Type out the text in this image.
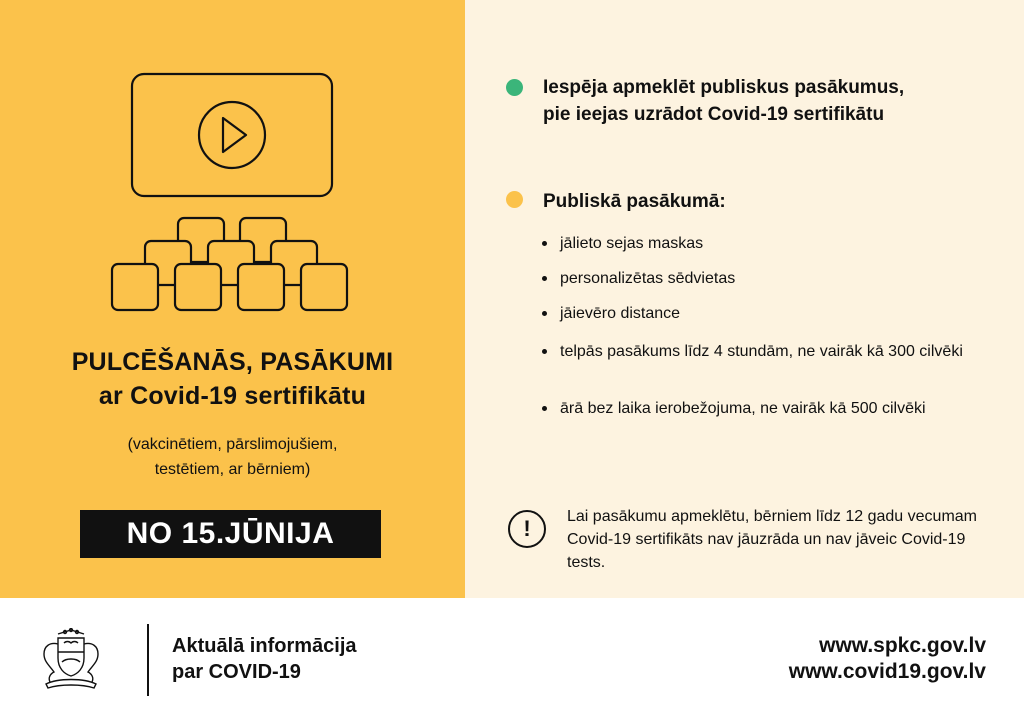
PULCĒŠANĀS, PASĀKUMI
ar Covid-19 sertifikātu
(vakcinētiem, pārslimojušiem,
testētiem, ar bērniem)
NO 15.JŪNIJA
Iespēja apmeklēt publiskus pasākumus, pie ieejas uzrādot Covid-19 sertifikātu
Publiskā pasākumā:
jālieto sejas maskas
personalizētas sēdvietas
jāievēro distance
telpās pasākums līdz 4 stundām, ne vairāk kā 300 cilvēki
ārā bez laika ierobežojuma, ne vairāk kā 500 cilvēki
!	Lai pasākumu apmeklētu, bērniem līdz 12 gadu vecumam Covid-19 sertifikāts nav jāuzrāda un nav jāveic Covid-19 tests.
Aktuālā informācija
par COVID-19
www.spkc.gov.lv
www.covid19.gov.lv
